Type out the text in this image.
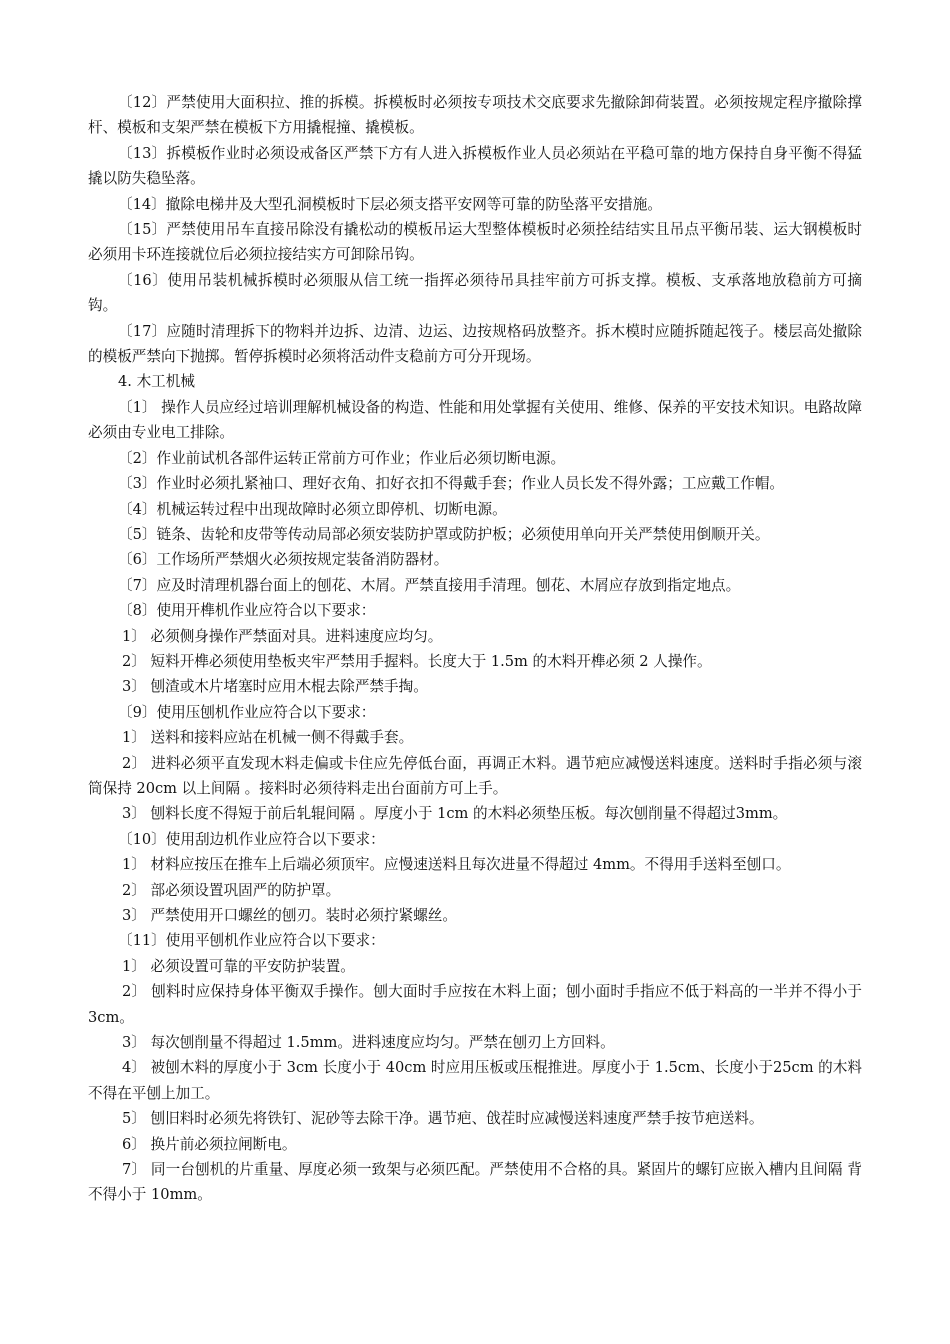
〔12〕严禁使用大面积拉、推的拆模。拆模板时必须按专项技术交底要求先撤除卸荷装置。必须按规定程序撤除撑杆、模板和支架严禁在模板下方用撬棍撞、撬模板。

〔13〕拆模板作业时必须设戒备区严禁下方有人进入拆模板作业人员必须站在平稳可靠的地方保持自身平衡不得猛撬以防失稳坠落。

〔14〕撤除电梯井及大型孔洞模板时下层必须支搭平安网等可靠的防坠落平安措施。

〔15〕严禁使用吊车直接吊除没有撬松动的模板吊运大型整体模板时必须拴结结实且吊点平衡吊装、运大钢模板时必须用卡环连接就位后必须拉接结实方可卸除吊钩。

〔16〕使用吊装机械拆模时必须服从信工统一指挥必须待吊具挂牢前方可拆支撑。模板、支承落地放稳前方可摘钩。

〔17〕应随时清理拆下的物料并边拆、边清、边运、边按规格码放整齐。拆木模时应随拆随起筏子。楼层高处撤除的模板严禁向下抛掷。暂停拆模时必须将活动件支稳前方可分开现场。

4. 木工机械

〔1〕 操作人员应经过培训理解机械设备的构造、性能和用处掌握有关使用、维修、保养的平安技术知识。电路故障必须由专业电工排除。

〔2〕作业前试机各部件运转正常前方可作业；作业后必须切断电源。

〔3〕作业时必须扎紧袖口、理好衣角、扣好衣扣不得戴手套；作业人员长发不得外露；工应戴工作帽。

〔4〕机械运转过程中出现故障时必须立即停机、切断电源。

〔5〕链条、齿轮和皮带等传动局部必须安装防护罩或防护板；必须使用单向开关严禁使用倒顺开关。

〔6〕工作场所严禁烟火必须按规定装备消防器材。

〔7〕应及时清理机器台面上的刨花、木屑。严禁直接用手清理。刨花、木屑应存放到指定地点。

〔8〕使用开榫机作业应符合以下要求：

1〕 必须侧身操作严禁面对具。进料速度应均匀。

2〕 短料开榫必须使用垫板夹牢严禁用手握料。长度大于 1.5m 的木料开榫必须 2 人操作。

3〕 刨渣或木片堵塞时应用木棍去除严禁手掏。

〔9〕使用压刨机作业应符合以下要求：

1〕 送料和接料应站在机械一侧不得戴手套。

2〕 进料必须平直发现木料走偏或卡住应先停低台面，再调正木料。遇节疤应减慢送料速度。送料时手指必须与滚筒保持 20cm 以上间隔 。接料时必须待料走出台面前方可上手。

3〕 刨料长度不得短于前后轧辊间隔 。厚度小于 1cm 的木料必须垫压板。每次刨削量不得超过3mm。

〔10〕使用刮边机作业应符合以下要求：

1〕 材料应按压在推车上后端必须顶牢。应慢速送料且每次进量不得超过 4mm。不得用手送料至刨口。

2〕 部必须设置巩固严的防护罩。

3〕 严禁使用开口螺丝的刨刃。装时必须拧紧螺丝。

〔11〕使用平刨机作业应符合以下要求：

1〕 必须设置可靠的平安防护装置。

2〕 刨料时应保持身体平衡双手操作。刨大面时手应按在木料上面；刨小面时手指应不低于料高的一半并不得小于 3cm。

3〕 每次刨削量不得超过 1.5mm。进料速度应均匀。严禁在刨刃上方回料。

4〕 被刨木料的厚度小于 3cm 长度小于 40cm 时应用压板或压棍推进。厚度小于 1.5cm、长度小于25cm 的木料不得在平刨上加工。

5〕 刨旧料时必须先将铁钉、泥砂等去除干净。遇节疤、戗茬时应减慢送料速度严禁手按节疤送料。

6〕 换片前必须拉闸断电。

7〕 同一台刨机的片重量、厚度必须一致架与必须匹配。严禁使用不合格的具。紧固片的螺钉应嵌入槽内且间隔 背不得小于 10mm。
